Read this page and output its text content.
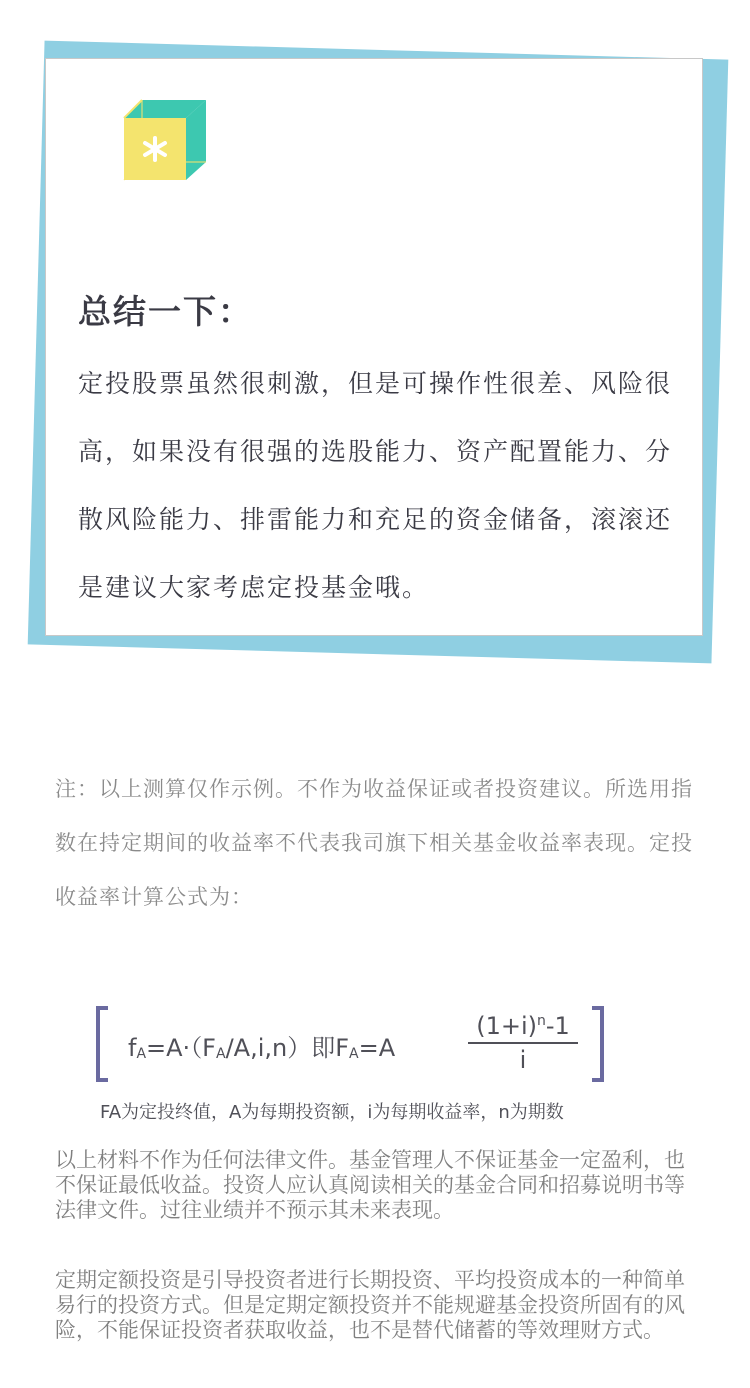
总结一下：

定投股票虽然很刺激，但是可操作性很差、风险很高，如果没有很强的选股能力、资产配置能力、分散风险能力、排雷能力和充足的资金储备，滚滚还是建议大家考虑定投基金哦。

注：以上测算仅作示例。不作为收益保证或者投资建议。所选用指数在持定期间的收益率不代表我司旗下相关基金收益率表现。定投收益率计算公式为：

$f_A=A\cdot(F_A/A,i,n)$即$F_A=A$	$\frac{(1+i)^n-1}{i}$
FA为定投终值，A为每期投资额，i为每期收益率，n为期数

以上材料不作为任何法律文件。基金管理人不保证基金一定盈利，也不保证最低收益。投资人应认真阅读相关的基金合同和招募说明书等法律文件。过往业绩并不预示其未来表现。

定期定额投资是引导投资者进行长期投资、平均投资成本的一种简单易行的投资方式。但是定期定额投资并不能规避基金投资所固有的风险，不能保证投资者获取收益，也不是替代储蓄的等效理财方式。
